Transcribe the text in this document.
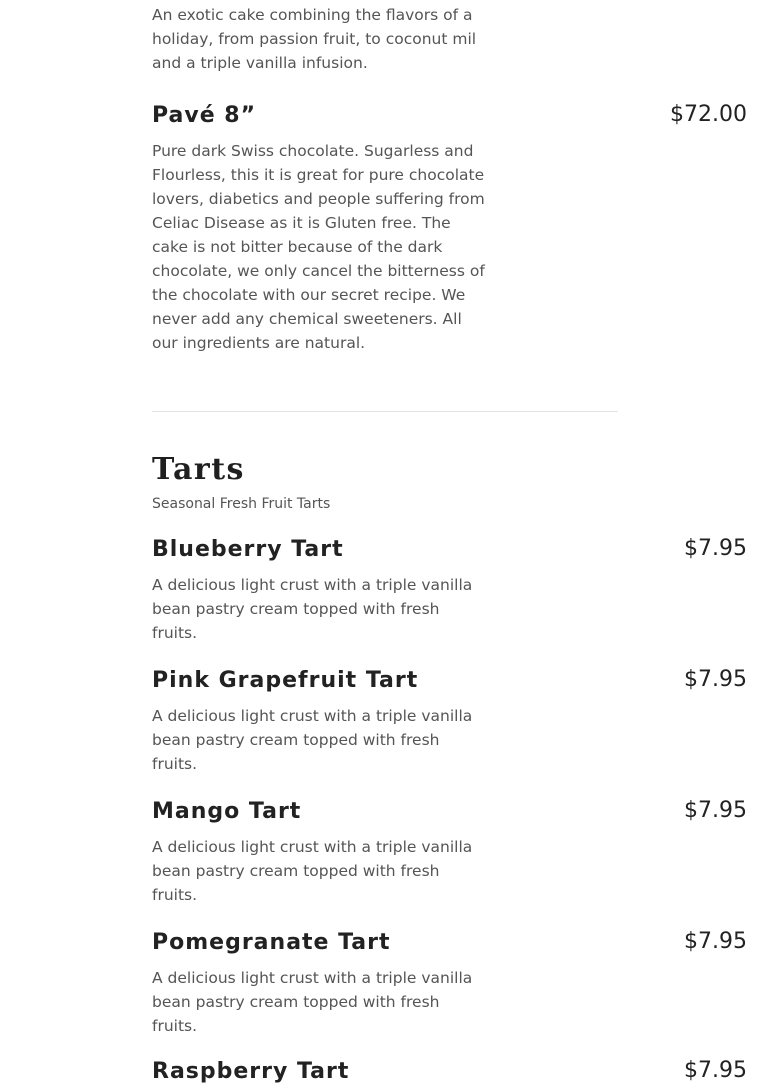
An exotic cake combining the flavors of a holiday, from passion fruit, to coconut mil and a triple vanilla infusion.

Pavé 8”	$72.00

Pure dark Swiss chocolate. Sugarless and Flourless, this it is great for pure chocolate lovers, diabetics and people suffering from Celiac Disease as it is Gluten free. The cake is not bitter because of the dark chocolate, we only cancel the bitterness of the chocolate with our secret recipe. We never add any chemical sweeteners. All our ingredients are natural.

Tarts

Seasonal Fresh Fruit Tarts

Blueberry Tart	$7.95

A delicious light crust with a triple vanilla bean pastry cream topped with fresh fruits.

Pink Grapefruit Tart	$7.95

A delicious light crust with a triple vanilla bean pastry cream topped with fresh fruits.

Mango Tart	$7.95

A delicious light crust with a triple vanilla bean pastry cream topped with fresh fruits.

Pomegranate Tart	$7.95

A delicious light crust with a triple vanilla bean pastry cream topped with fresh fruits.

Raspberry Tart	$7.95
